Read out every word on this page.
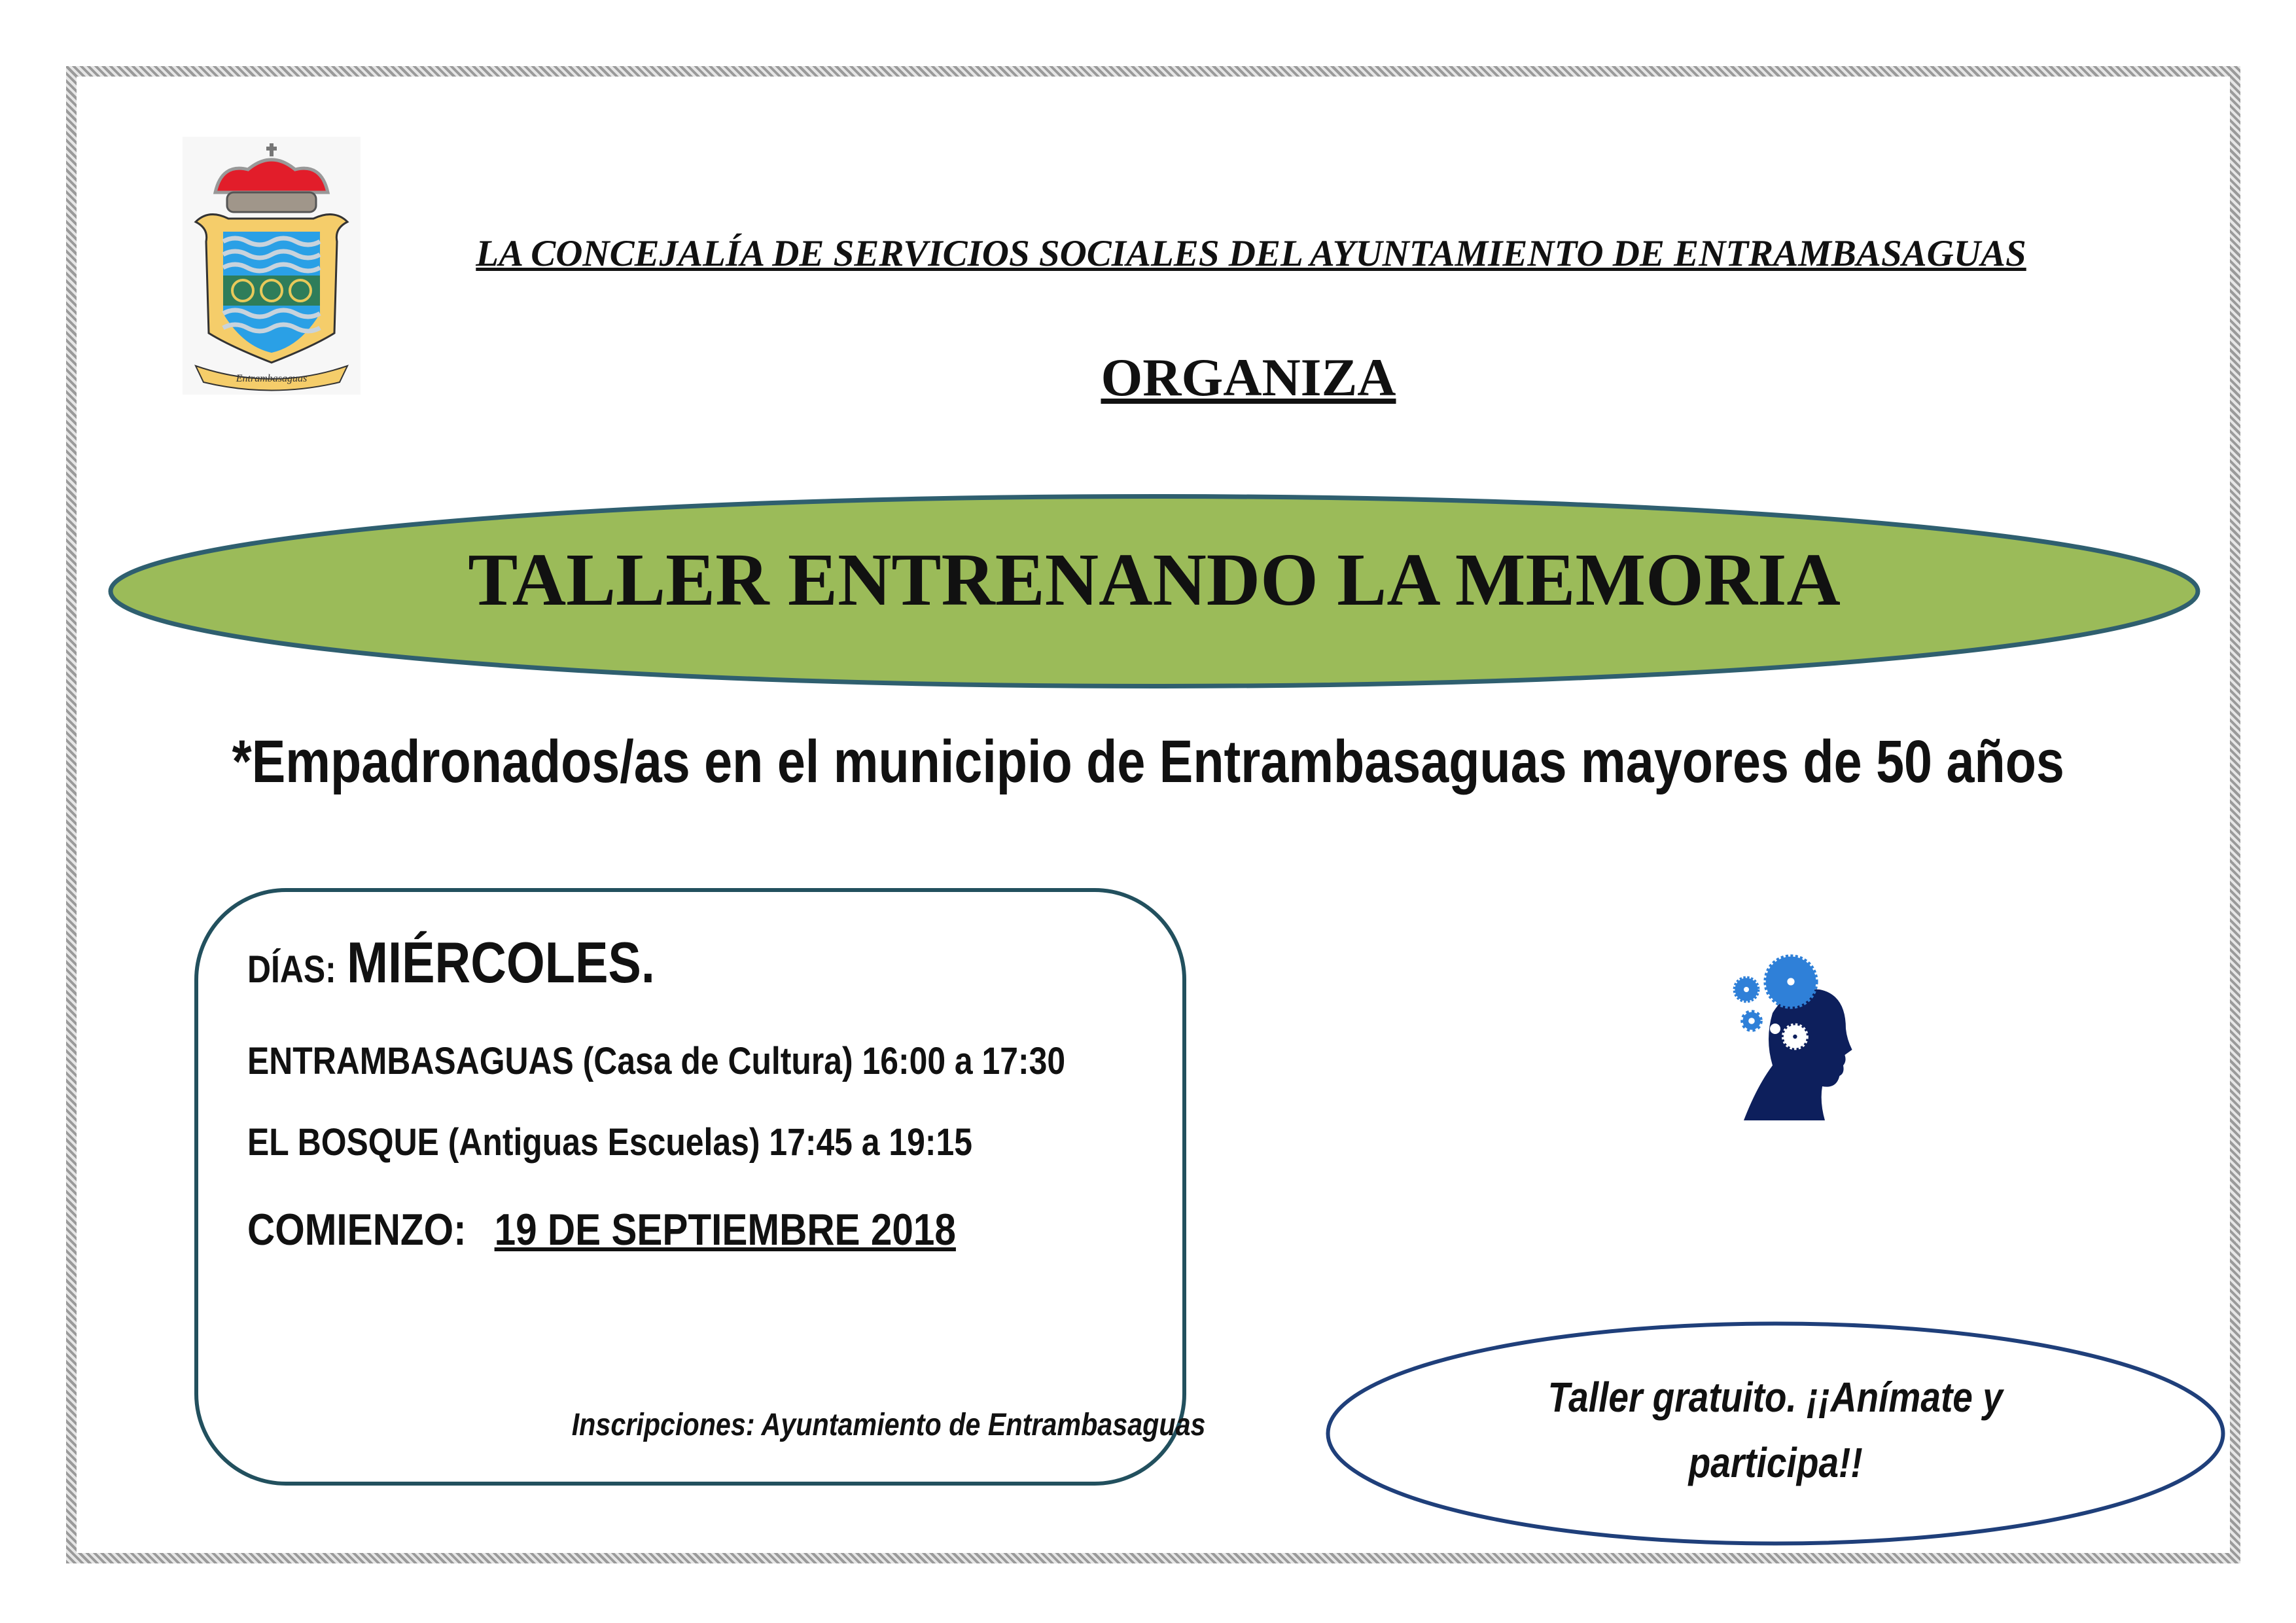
Entrambasaguas
LA CONCEJALÍA DE SERVICIOS SOCIALES DEL AYUNTAMIENTO DE ENTRAMBASAGUAS
ORGANIZA
TALLER ENTRENANDO LA MEMORIA
*Empadronados/as en el municipio de Entrambasaguas mayores de 50 años
DÍAS: MIÉRCOLES.
ENTRAMBASAGUAS (Casa de Cultura) 16:00 a 17:30
EL BOSQUE (Antiguas Escuelas) 17:45 a 19:15
COMIENZO: 19 DE SEPTIEMBRE 2018
Inscripciones: Ayuntamiento de Entrambasaguas
Taller gratuito. ¡¡Anímate y
participa!!
